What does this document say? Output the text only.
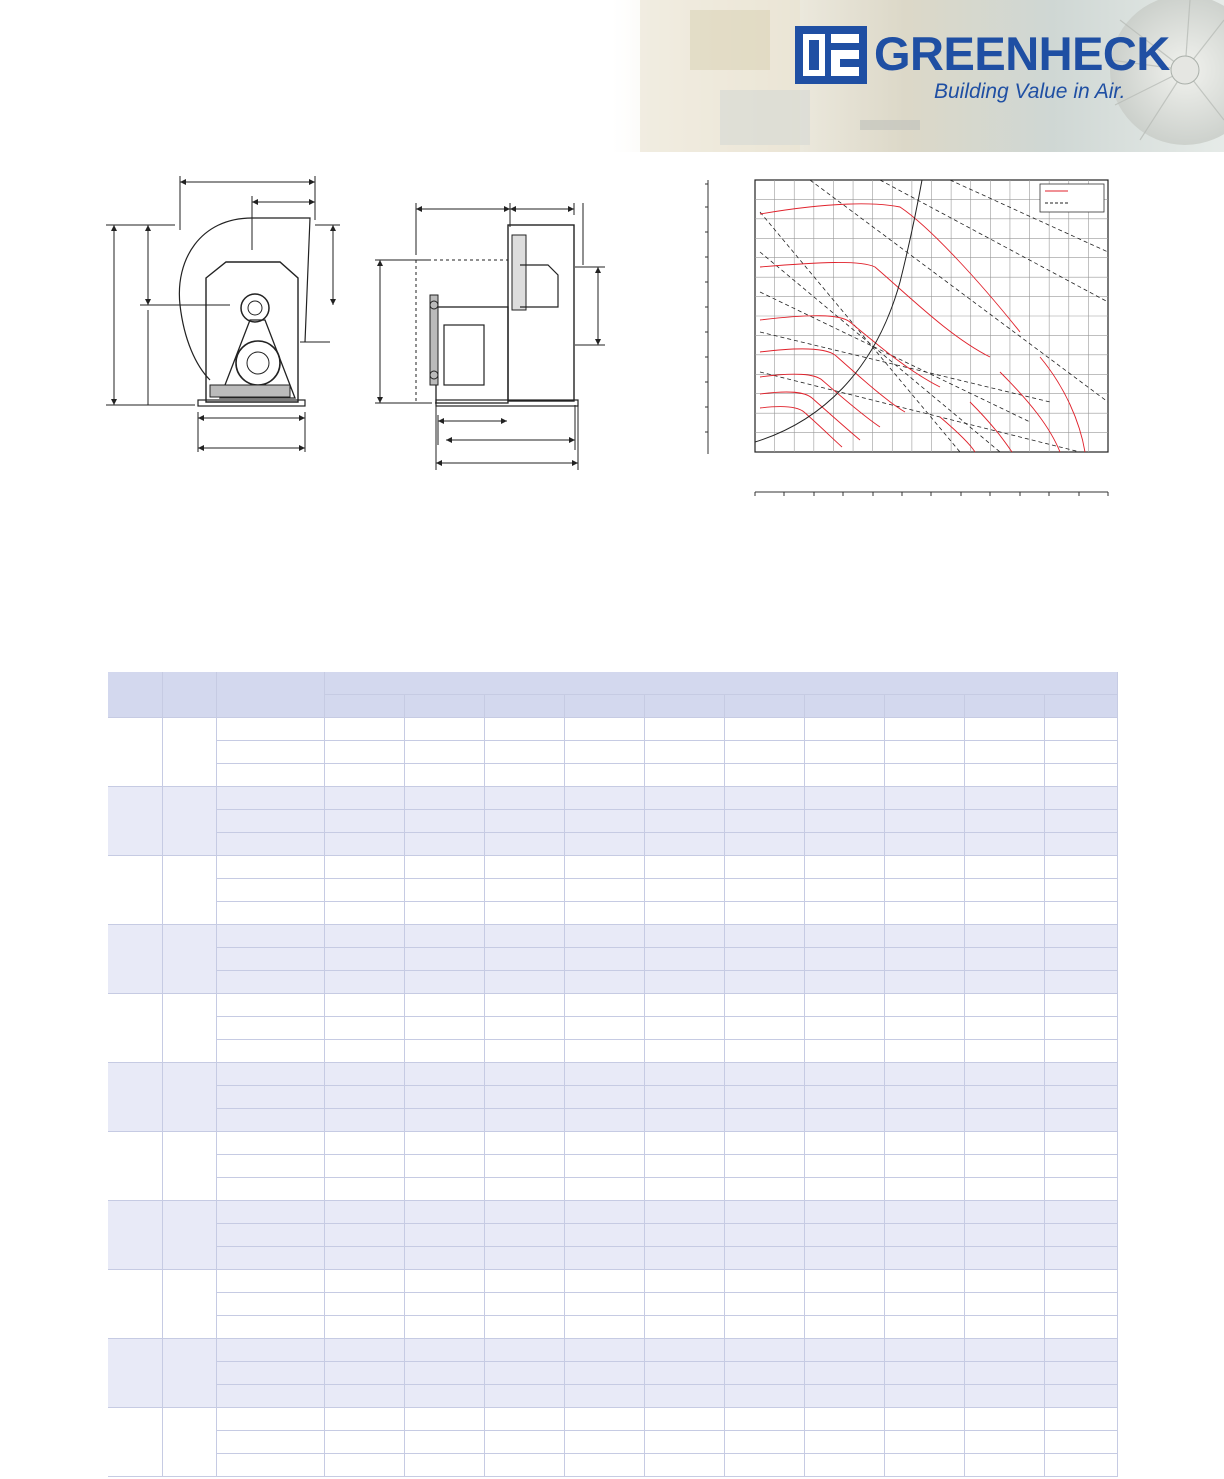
®
GREENHECK
Building Value in Air.
